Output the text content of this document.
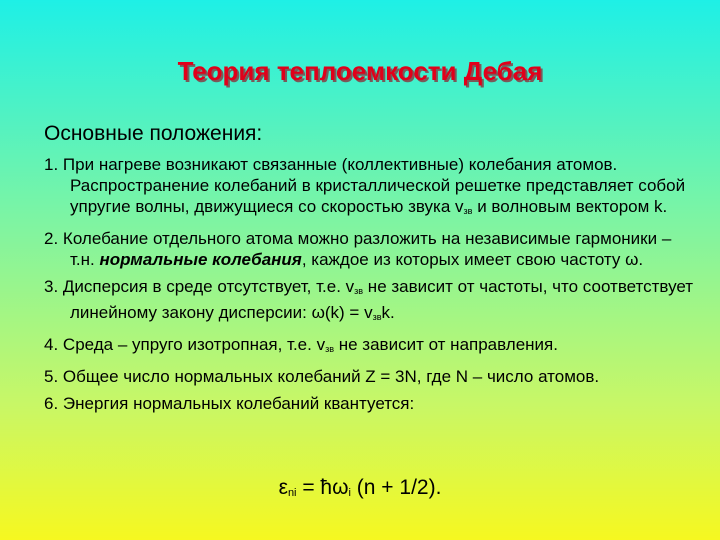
Теория теплоемкости Дебая
Основные положения:
1. При нагреве возникают связанные (коллективные) колебания атомов. Распространение колебаний в кристаллической решетке представляет собой упругие волны, движущиеся со скоростью звука $v_{зв}$ и волновым вектором k.
2. Колебание отдельного атома можно разложить на независимые гармоники – т.н. нормальные колебания, каждое из которых имеет свою частоту ω.
3. Дисперсия в среде отсутствует, т.е. $v_{зв}$ не зависит от частоты, что соответствует линейному закону дисперсии: $\omega(k) = v_{зв}k$.
4. Среда – упруго изотропная, т.е. $v_{зв}$ не зависит от направления.
5. Общее число нормальных колебаний Z = 3N, где N – число атомов.
6. Энергия нормальных колебаний квантуется:
εni = ħωi (n + 1/2).
